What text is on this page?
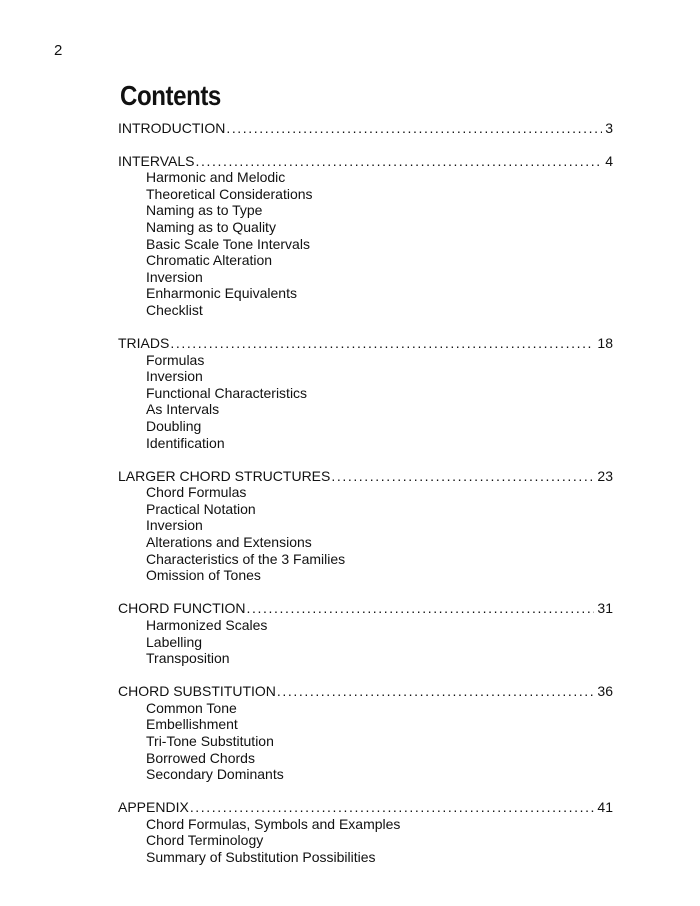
2
Contents
INTRODUCTION .....	3
INTERVALS .....	4
Harmonic and Melodic
Theoretical Considerations
Naming as to Type
Naming as to Quality
Basic Scale Tone Intervals
Chromatic Alteration
Inversion
Enharmonic Equivalents
Checklist
TRIADS .....	18
Formulas
Inversion
Functional Characteristics
As Intervals
Doubling
Identification
LARGER CHORD STRUCTURES .....	23
Chord Formulas
Practical Notation
Inversion
Alterations and Extensions
Characteristics of the 3 Families
Omission of Tones
CHORD FUNCTION .....	31
Harmonized Scales
Labelling
Transposition
CHORD SUBSTITUTION .....	36
Common Tone
Embellishment
Tri-Tone Substitution
Borrowed Chords
Secondary Dominants
APPENDIX .....	41
Chord Formulas, Symbols and Examples
Chord Terminology
Summary of Substitution Possibilities
